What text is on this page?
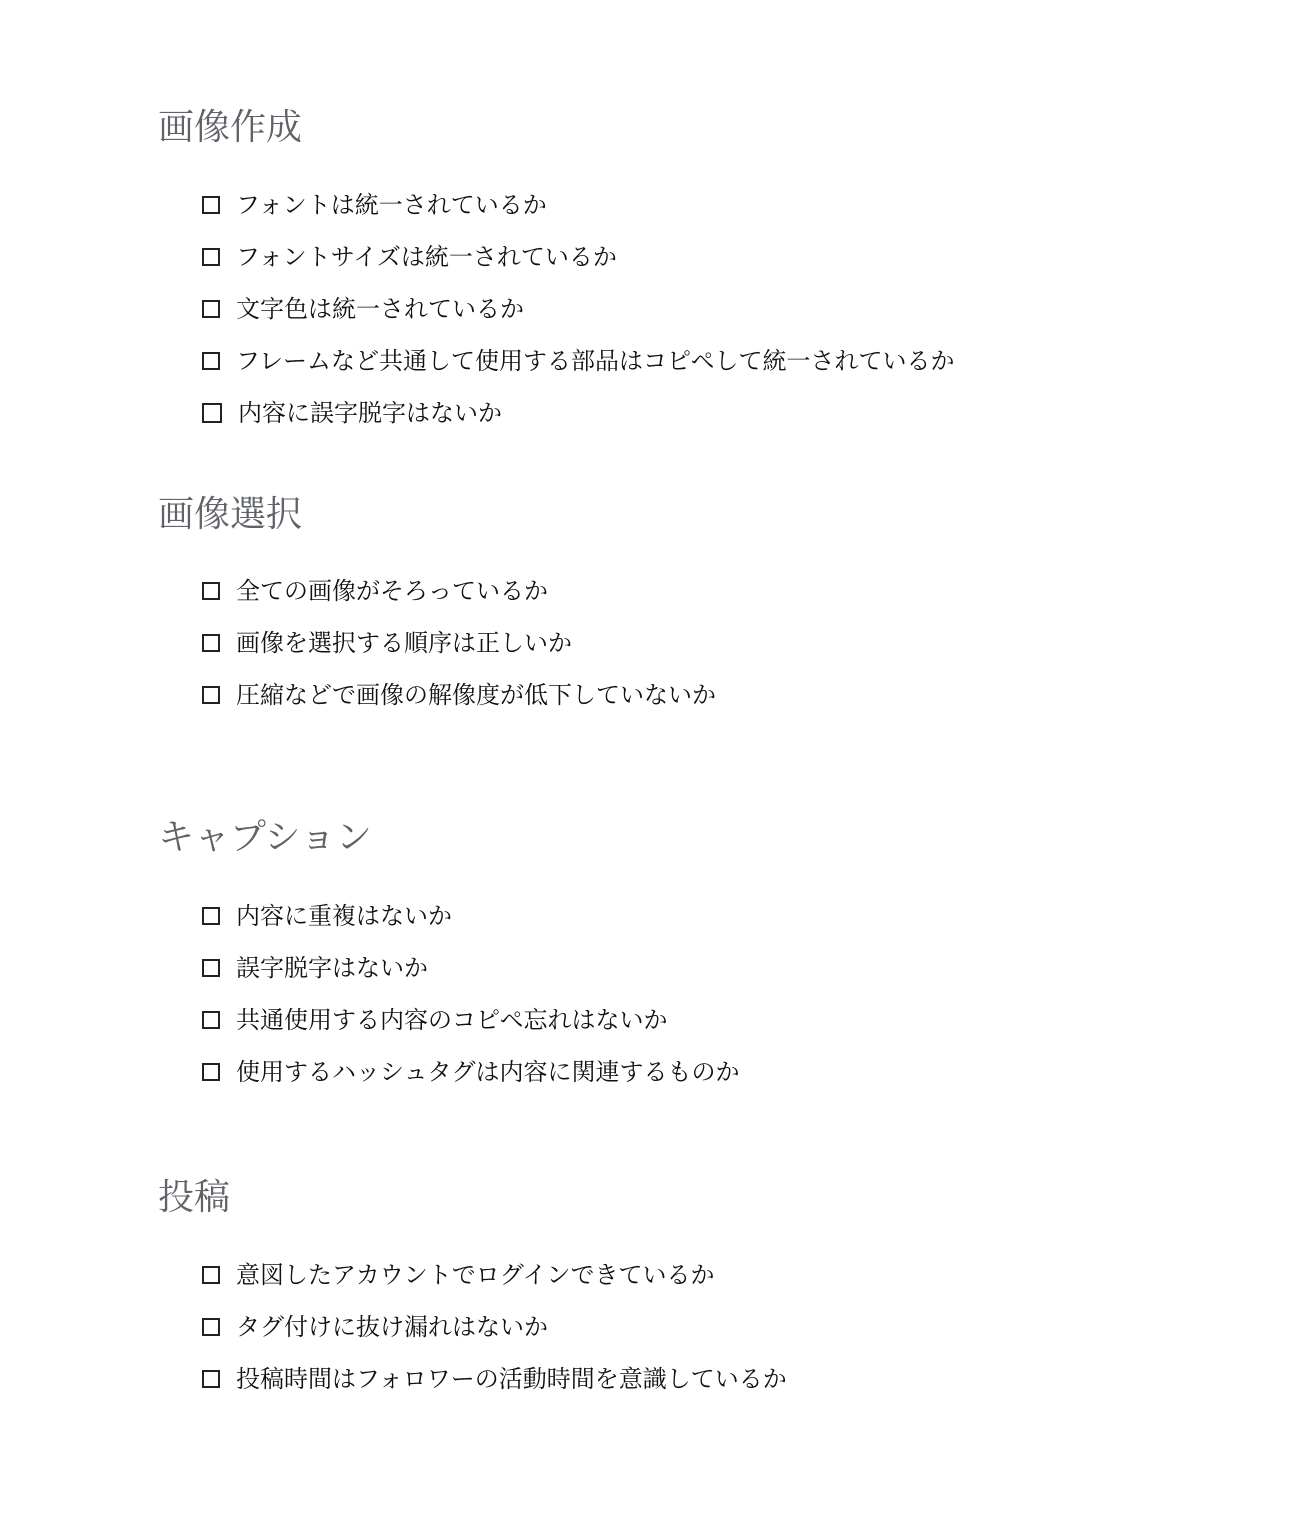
画像作成
フォントは統一されているか
フォントサイズは統一されているか
文字色は統一されているか
フレームなど共通して使用する部品はコピペして統一されているか
内容に誤字脱字はないか
画像選択
全ての画像がそろっているか
画像を選択する順序は正しいか
圧縮などで画像の解像度が低下していないか
キャプション
内容に重複はないか
誤字脱字はないか
共通使用する内容のコピペ忘れはないか
使用するハッシュタグは内容に関連するものか
投稿
意図したアカウントでログインできているか
タグ付けに抜け漏れはないか
投稿時間はフォロワーの活動時間を意識しているか
